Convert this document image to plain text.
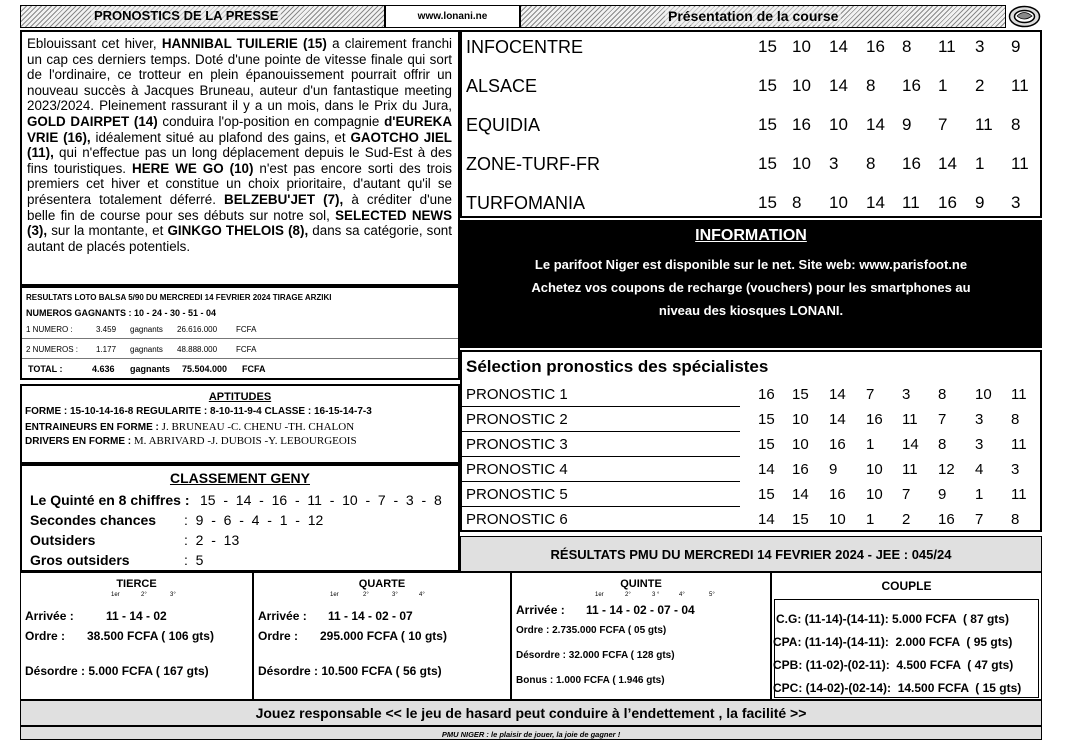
PRONOSTICS DE LA PRESSE	www.lonani.ne	Présentation de la course
Eblouissant cet hiver, HANNIBAL TUILERIE (15) a clairement franchi un cap ces derniers temps. Doté d'une pointe de vitesse finale qui sort de l'ordinaire, ce trotteur en plein épanouissement pourrait offrir un nouveau succès à Jacques Bruneau, auteur d'un fantastique meeting 2023/2024. Pleinement rassurant il y a un mois, dans le Prix du Jura, GOLD DAIRPET (14) conduira l'op-position en compagnie d'EUREKA VRIE (16), idéalement situé au plafond des gains, et GAOTCHO JIEL (11), qui n'effectue pas un long déplacement depuis le Sud-Est à des fins touristiques. HERE WE GO (10) n'est pas encore sorti des trois premiers cet hiver et constitue un choix prioritaire, d'autant qu'il se présentera totalement déferré. BELZEBU'JET (7), à créditer d'une belle fin de course pour ses débuts sur notre sol, SELECTED NEWS (3), sur la montante, et GINKGO THELOIS (8), dans sa catégorie, sont autant de placés potentiels.
RESULTATS LOTO BALSA 5/90 DU MERCREDI 14 FEVRIER 2024 TIRAGE ARZIKI
NUMEROS GAGNANTS : 10 - 24 - 30 - 51 - 04
1 NUMERO :	3.459 gagnants 26.616.000 FCFA
2 NUMEROS : 1.177 gagnants 48.888.000 FCFA
TOTAL :	4.636 gagnants 75.504.000 FCFA
APTITUDES
FORME : 15-10-14-16-8 REGULARITE : 8-10-11-9-4 CLASSE : 16-15-14-7-3
ENTRAINEURS EN FORME : J. BRUNEAU -C. CHENU -TH. CHALON
DRIVERS EN FORME : M. ABRIVARD -J. DUBOIS -Y. LEBOURGEOIS
CLASSEMENT GENY
Le Quinté en 8 chiffres : 15  -  14  -  16  -  11  -  10  -  7  -  3  -  8
Secondes chances :  9  -  6  -  4  -  1  -  12
Outsiders	:  2  -  13
Gros outsiders	:  5
INFOCENTRE	15 10 14 16 8 11 3 9
ALSACE	15 10 14 8 16 1 2 11
EQUIDIA	15 16 10 14 9 7 11 8
ZONE-TURF-FR	15 10 3 8 16 14 1 11
TURFOMANIA	15 8 10 14 11 16 9 3
INFORMATION
Le parifoot Niger est disponible sur le net. Site web: www.parisfoot.ne
Achetez vos coupons de recharge (vouchers) pour les smartphones au
niveau des kiosques LONANI.
Sélection pronostics des spécialistes
PRONOSTIC 1	16 15 14 7 3 8 10 11
PRONOSTIC 2	15 10 14 16 11 7 3 8
PRONOSTIC 3	15 10 16 1 14 8 3 11
PRONOSTIC 4	14 16 9 10 11 12 4 3
PRONOSTIC 5	15 14 16 10 7 9 1 11
PRONOSTIC 6	14 15 10 1 2 16 7 8
RÉSULTATS PMU DU MERCREDI 14 FEVRIER 2024 - JEE : 045/24
TIERCE
1er	2°	3°
Arrivée :	11 - 14 - 02
Ordre : 38.500 FCFA ( 106 gts)
Désordre : 5.000 FCFA ( 167 gts)
QUARTE
1er	2°	3°	4°
Arrivée : 11 - 14 - 02 - 07
Ordre : 295.000 FCFA ( 10 gts)
Désordre : 10.500 FCFA ( 56 gts)
QUINTE
1er	2°	3 °	4°	5°
Arrivée : 11 - 14 - 02 - 07 - 04
Ordre : 2.735.000 FCFA ( 05 gts)
Désordre : 32.000 FCFA ( 128 gts)
Bonus : 1.000 FCFA ( 1.946 gts)
COUPLE
C.G: (11-14)-(14-11): 5.000 FCFA  ( 87 gts)
CPA: (11-14)-(14-11):  2.000 FCFA  ( 95 gts)
CPB: (11-02)-(02-11):  4.500 FCFA  ( 47 gts)
CPC: (14-02)-(02-14):  14.500 FCFA  ( 15 gts)
Jouez responsable << le jeu de hasard peut conduire à l’endettement , la facilité >>
PMU NIGER : le plaisir de jouer, la joie de gagner !
